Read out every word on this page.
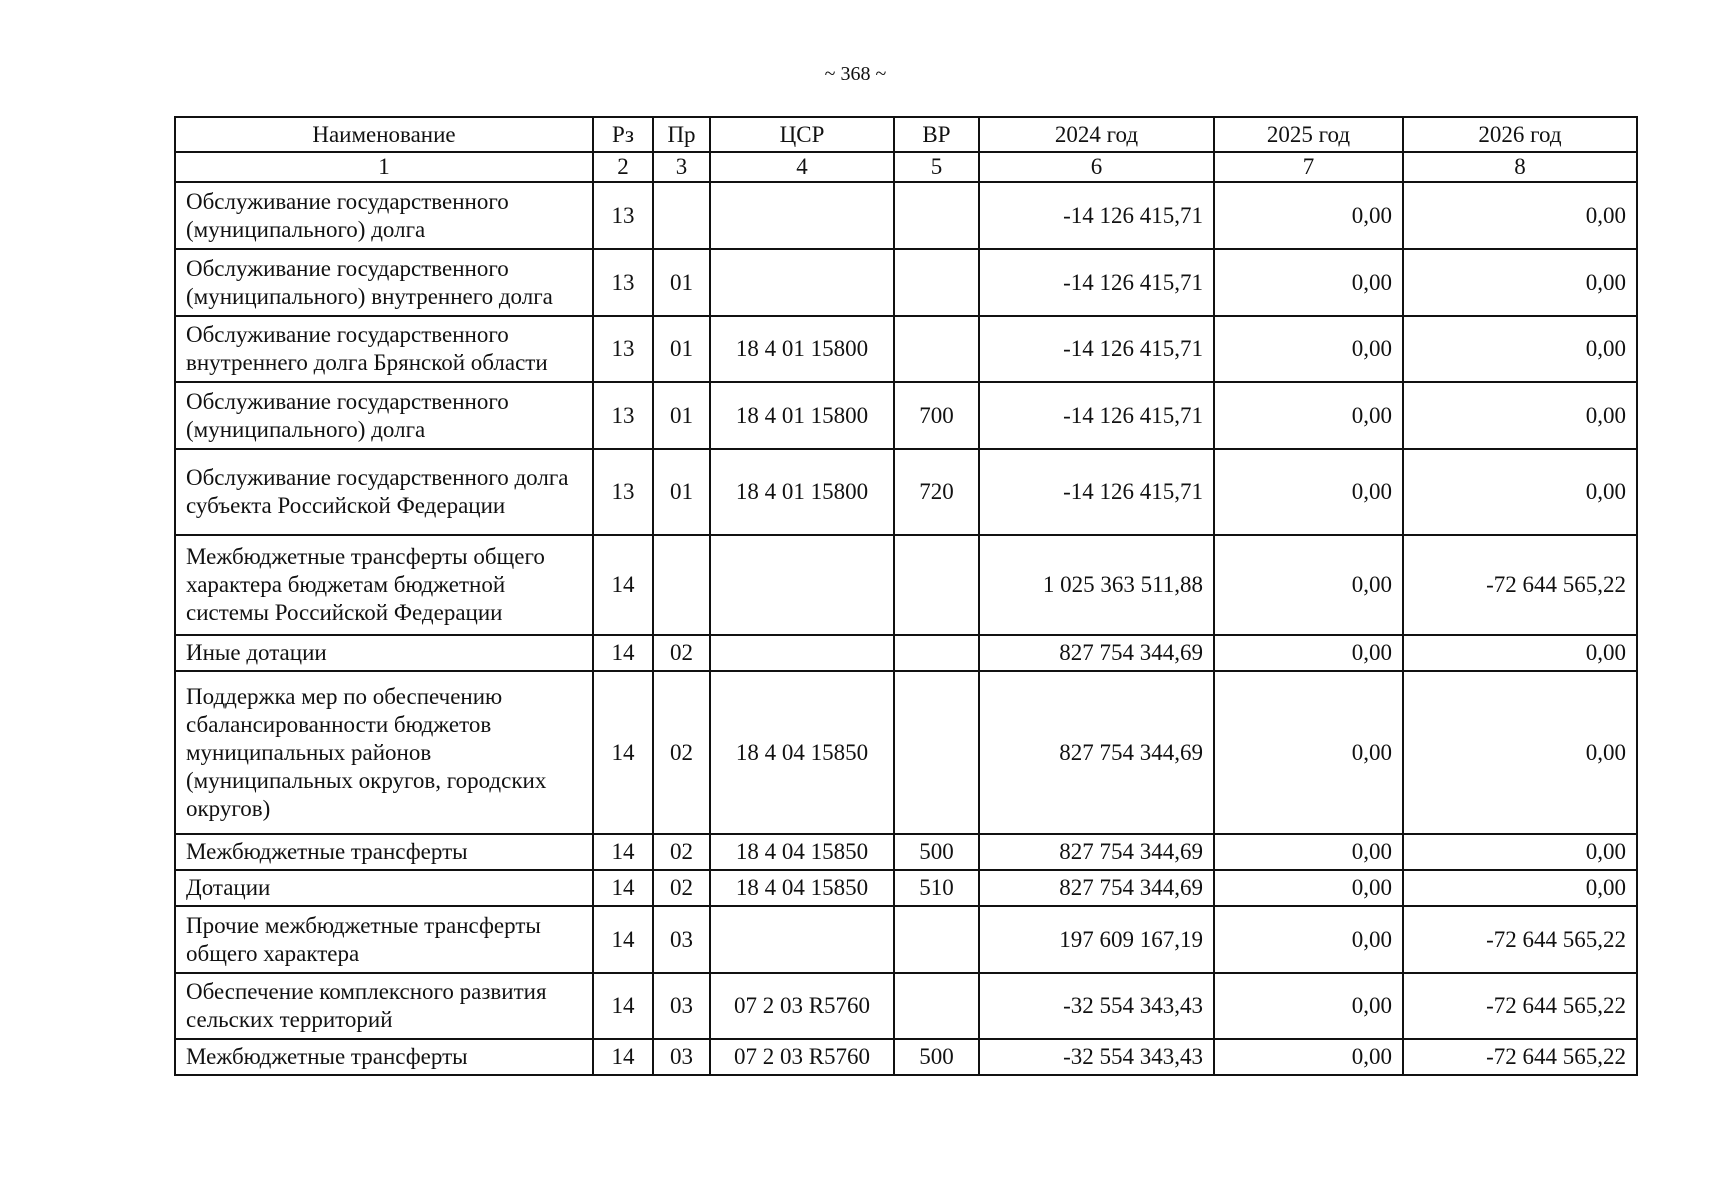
~ 368 ~
Наименование	Рз	Пр	ЦСР	ВР	2024 год	2025 год	2026 год
1	2	3	4	5	6	7	8
Обслуживание государственного (муниципального) долга	13				-14 126 415,71	0,00	0,00
Обслуживание государственного (муниципального) внутреннего долга	13	01			-14 126 415,71	0,00	0,00
Обслуживание государственного внутреннего долга Брянской области	13	01	18 4 01 15800		-14 126 415,71	0,00	0,00
Обслуживание государственного (муниципального) долга	13	01	18 4 01 15800	700	-14 126 415,71	0,00	0,00
Обслуживание государственного долга субъекта Российской Федерации	13	01	18 4 01 15800	720	-14 126 415,71	0,00	0,00
Межбюджетные трансферты общего характера бюджетам бюджетной системы Российской Федерации	14				1 025 363 511,88	0,00	-72 644 565,22
Иные дотации	14	02			827 754 344,69	0,00	0,00
Поддержка мер по обеспечению сбалансированности бюджетов муниципальных районов (муниципальных округов, городских округов)	14	02	18 4 04 15850		827 754 344,69	0,00	0,00
Межбюджетные трансферты	14	02	18 4 04 15850	500	827 754 344,69	0,00	0,00
Дотации	14	02	18 4 04 15850	510	827 754 344,69	0,00	0,00
Прочие межбюджетные трансферты общего характера	14	03			197 609 167,19	0,00	-72 644 565,22
Обеспечение комплексного развития сельских территорий	14	03	07 2 03 R5760		-32 554 343,43	0,00	-72 644 565,22
Межбюджетные трансферты	14	03	07 2 03 R5760	500	-32 554 343,43	0,00	-72 644 565,22
